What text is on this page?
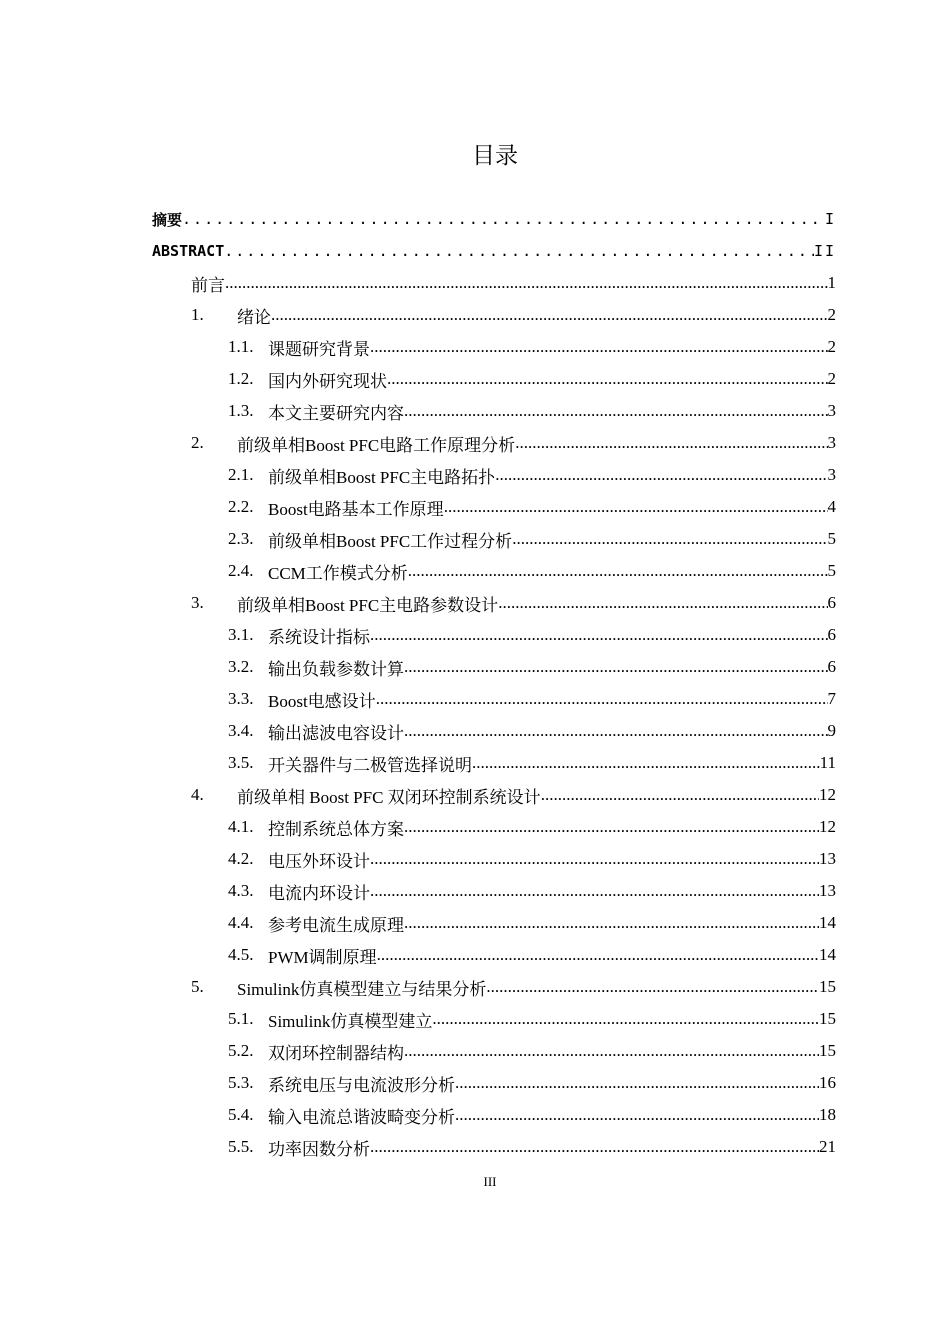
目录
摘要 .....	I
ABSTRACT .....	II
前言 .....	1
1.	绪论 .....	2
1.1. 课题研究背景 .....	2
1.2. 国内外研究现状 .....	2
1.3. 本文主要研究内容 .....	3
2.	前级单相Boost PFC电路工作原理分析 .....	3
2.1. 前级单相Boost PFC主电路拓扑 .....	3
2.2. Boost电路基本工作原理 .....	4
2.3. 前级单相Boost PFC工作过程分析 .....	5
2.4. CCM工作模式分析 .....	5
3.	前级单相Boost PFC主电路参数设计 .....	6
3.1. 系统设计指标 .....	6
3.2. 输出负载参数计算 .....	6
3.3. Boost电感设计 .....	7
3.4. 输出滤波电容设计 .....	9
3.5. 开关器件与二极管选择说明 .....	11
4.	前级单相 Boost PFC 双闭环控制系统设计 .....	12
4.1. 控制系统总体方案 .....	12
4.2. 电压外环设计 .....	13
4.3. 电流内环设计 .....	13
4.4. 参考电流生成原理 .....	14
4.5. PWM调制原理 .....	14
5.	Simulink仿真模型建立与结果分析 .....	15
5.1. Simulink仿真模型建立 .....	15
5.2. 双闭环控制器结构 .....	15
5.3. 系统电压与电流波形分析 .....	16
5.4. 输入电流总谐波畸变分析 .....	18
5.5. 功率因数分析 .....	21
III
